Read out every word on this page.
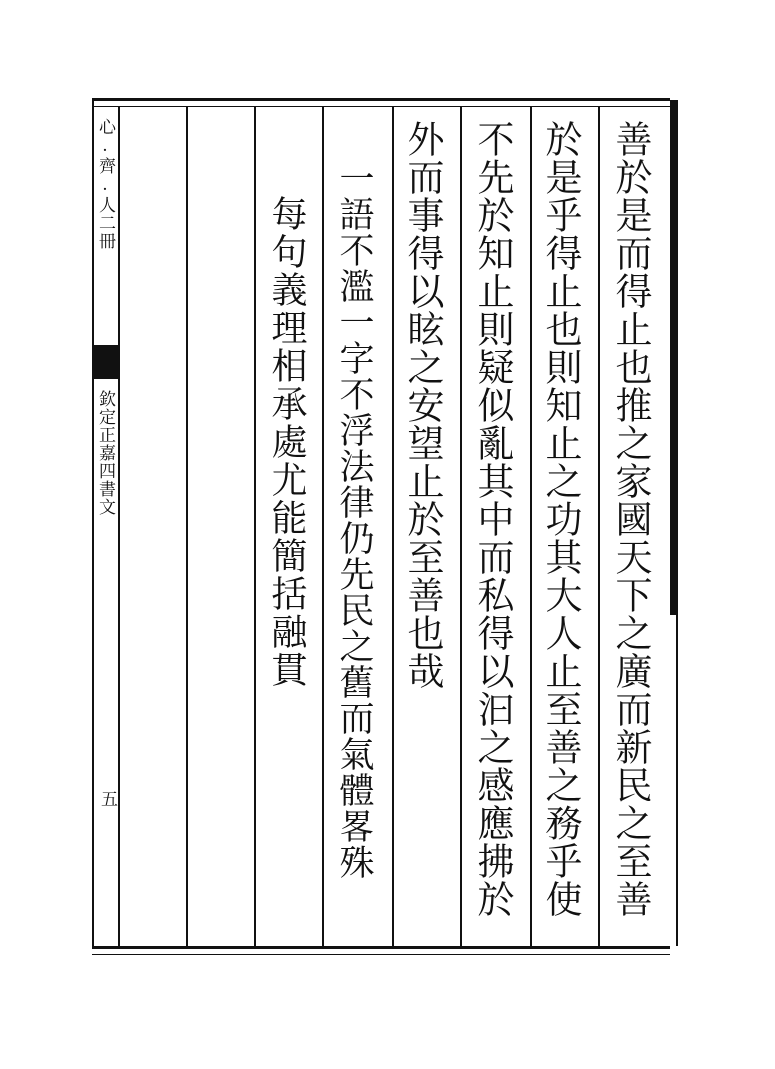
心.齊.人二冊
欽定正嘉四書文
五	善於是而得止也推之家國天下之廣而新民之至善
於是乎得止也則知止之功其大人止至善之務乎使
不先於知止則疑似亂其中而私得以汩之感應拂於
外而事得以眩之安望止於至善也哉
一語不濫一字不浮法律仍先民之舊而氣體畧殊
每句義理相承處尤能簡括融貫
